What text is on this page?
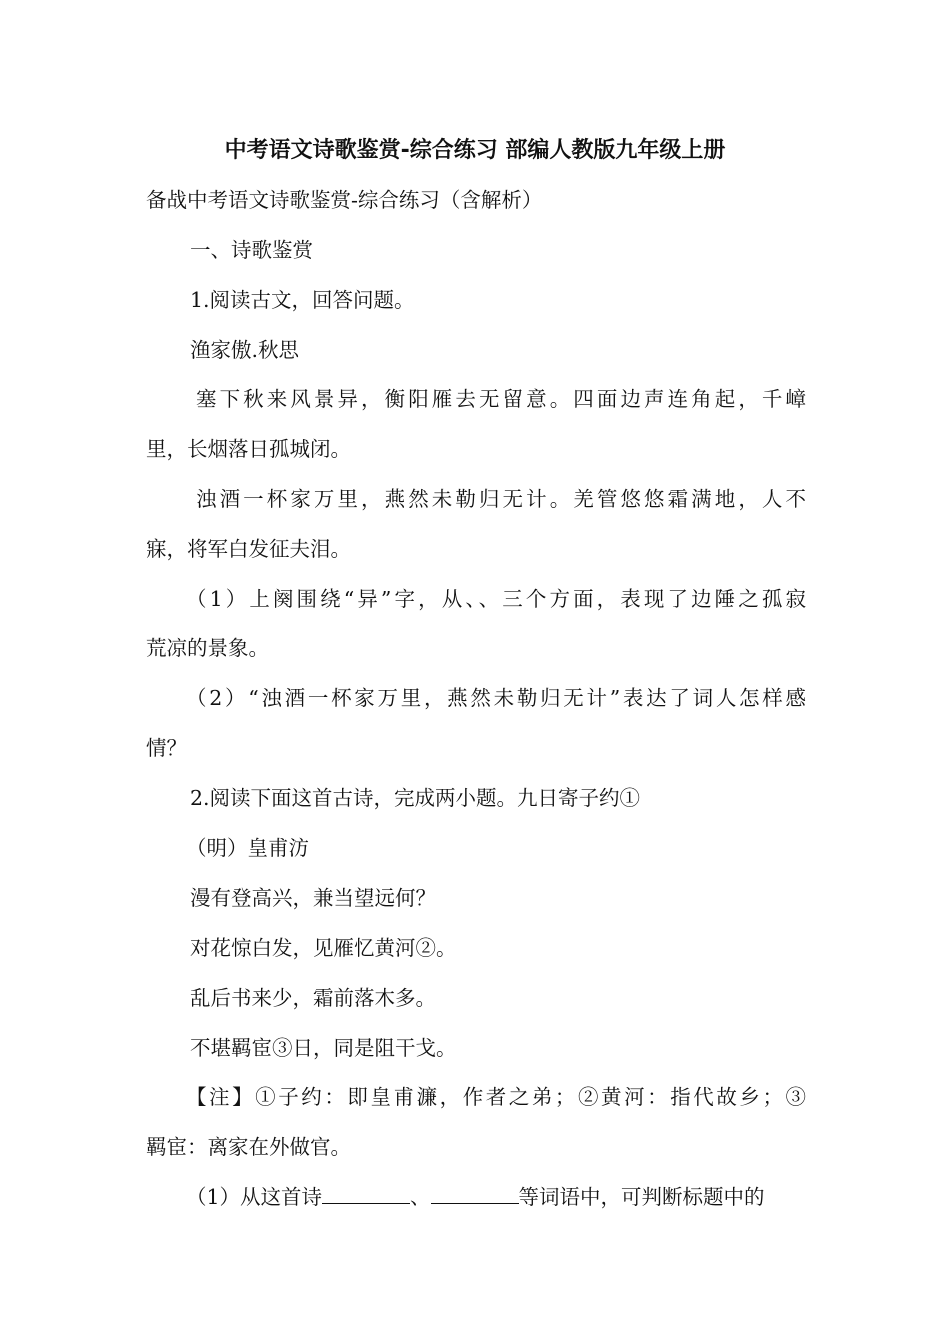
中考语文诗歌鉴赏-综合练习 部编人教版九年级上册
备战中考语文诗歌鉴赏-综合练习（含解析）
一、诗歌鉴赏
1.阅读古文，回答问题。
渔家傲.秋思
塞下秋来风景异，衡阳雁去无留意。四面边声连角起，千嶂
里，长烟落日孤城闭。
浊酒一杯家万里，燕然未勒归无计。羌管悠悠霜满地，人不
寐，将军白发征夫泪。
（1）上阕围绕“异”字，从、、三个方面，表现了边陲之孤寂
荒凉的景象。
（2）“浊酒一杯家万里，燕然未勒归无计”表达了词人怎样感
情？
2.阅读下面这首古诗，完成两小题。九日寄子约①
（明）皇甫汸
漫有登高兴，兼当望远何？
对花惊白发，见雁忆黄河②。
乱后书来少，霜前落木多。
不堪羁宦③日，同是阻干戈。
【注】①子约：即皇甫濂，作者之弟；②黄河：指代故乡；③
羁宦：离家在外做官。
（1）从这首诗	、	等词语中，可判断标题中的
